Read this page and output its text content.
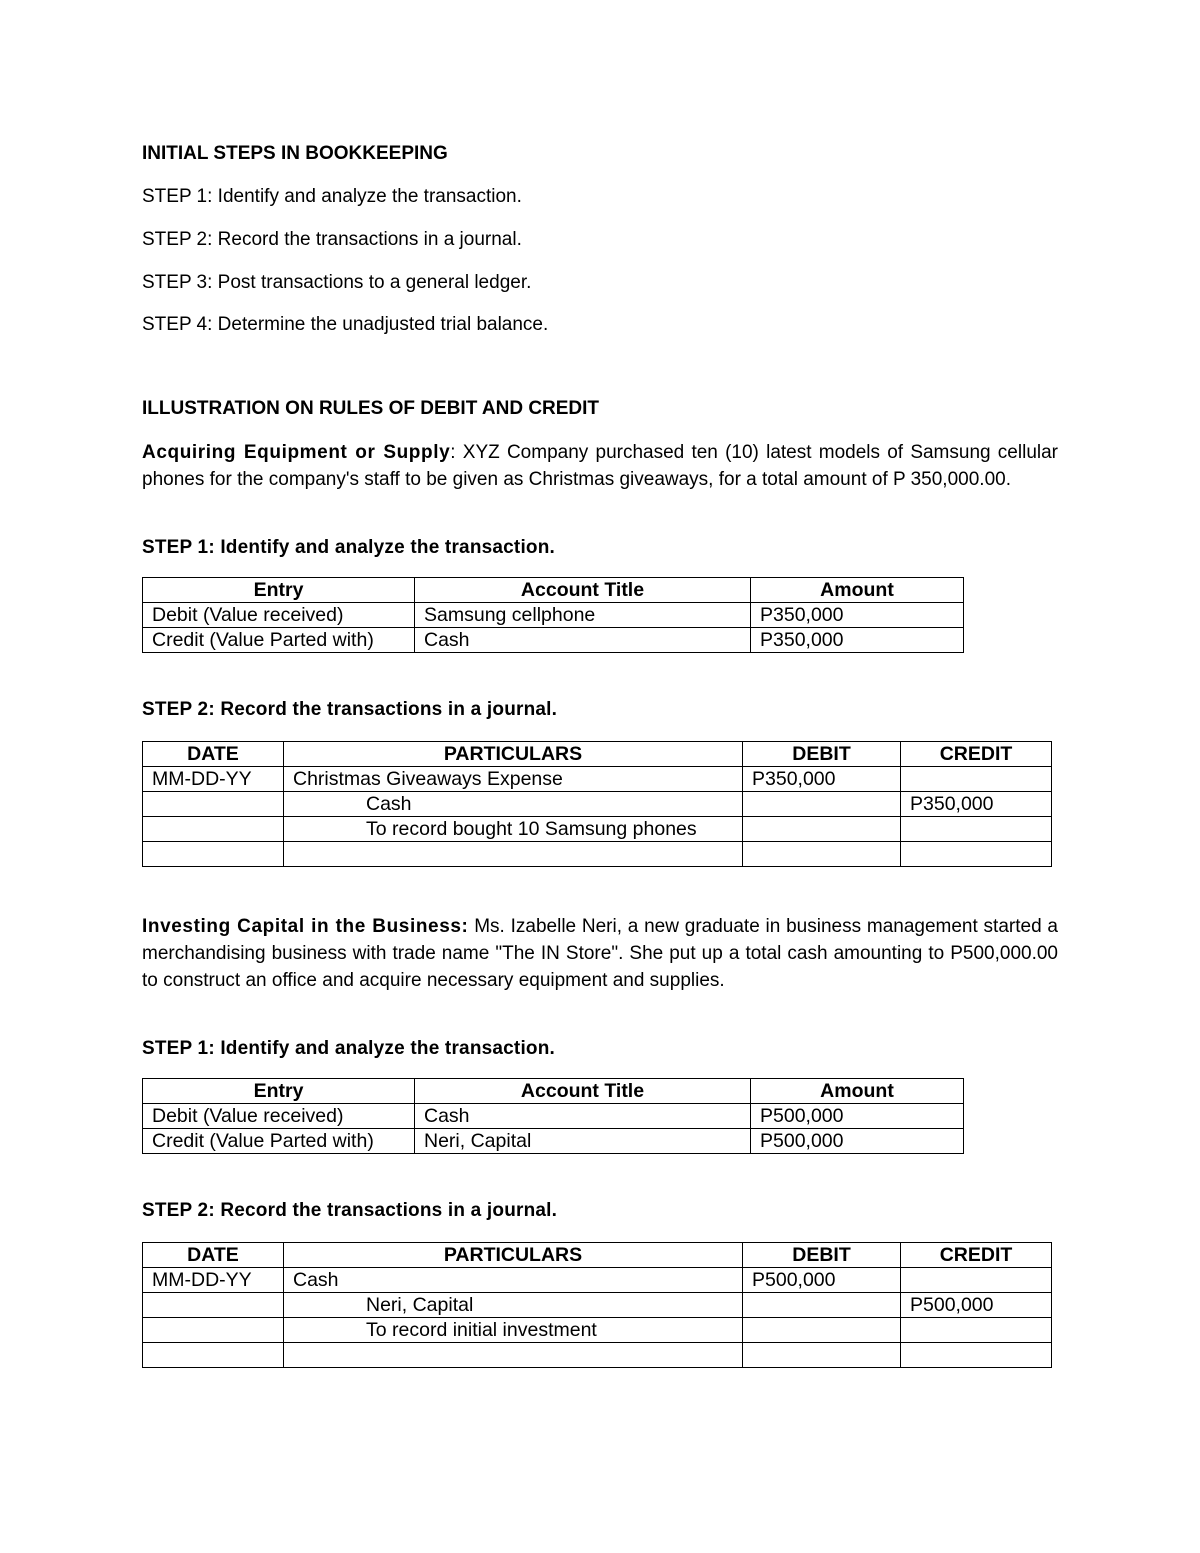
INITIAL STEPS IN BOOKKEEPING
STEP 1: Identify and analyze the transaction.
STEP 2: Record the transactions in a journal.
STEP 3: Post transactions to a general ledger.
STEP 4: Determine the unadjusted trial balance.
ILLUSTRATION ON RULES OF DEBIT AND CREDIT

Acquiring Equipment or Supply: XYZ Company purchased ten (10) latest models of Samsung cellular phones for the company's staff to be given as Christmas giveaways, for a total amount of P 350,000.00.

STEP 1: Identify and analyze the transaction.
Entry	Account Title	Amount
Debit (Value received)	Samsung cellphone	P350,000
Credit (Value Parted with)	Cash	P350,000
STEP 2: Record the transactions in a journal.
DATE	PARTICULARS	DEBIT	CREDIT
MM-DD-YY	Christmas Giveaways Expense	P350,000	
	Cash		P350,000
	To record bought 10 Samsung phones		

Investing Capital in the Business: Ms. Izabelle Neri, a new graduate in business management started a merchandising business with trade name "The IN Store". She put up a total cash amounting to P500,000.00 to construct an office and acquire necessary equipment and supplies.

STEP 1: Identify and analyze the transaction.
Entry	Account Title	Amount
Debit (Value received)	Cash	P500,000
Credit (Value Parted with)	Neri, Capital	P500,000
STEP 2: Record the transactions in a journal.
DATE	PARTICULARS	DEBIT	CREDIT
MM-DD-YY	Cash	P500,000	
	Neri, Capital		P500,000
	To record initial investment		
